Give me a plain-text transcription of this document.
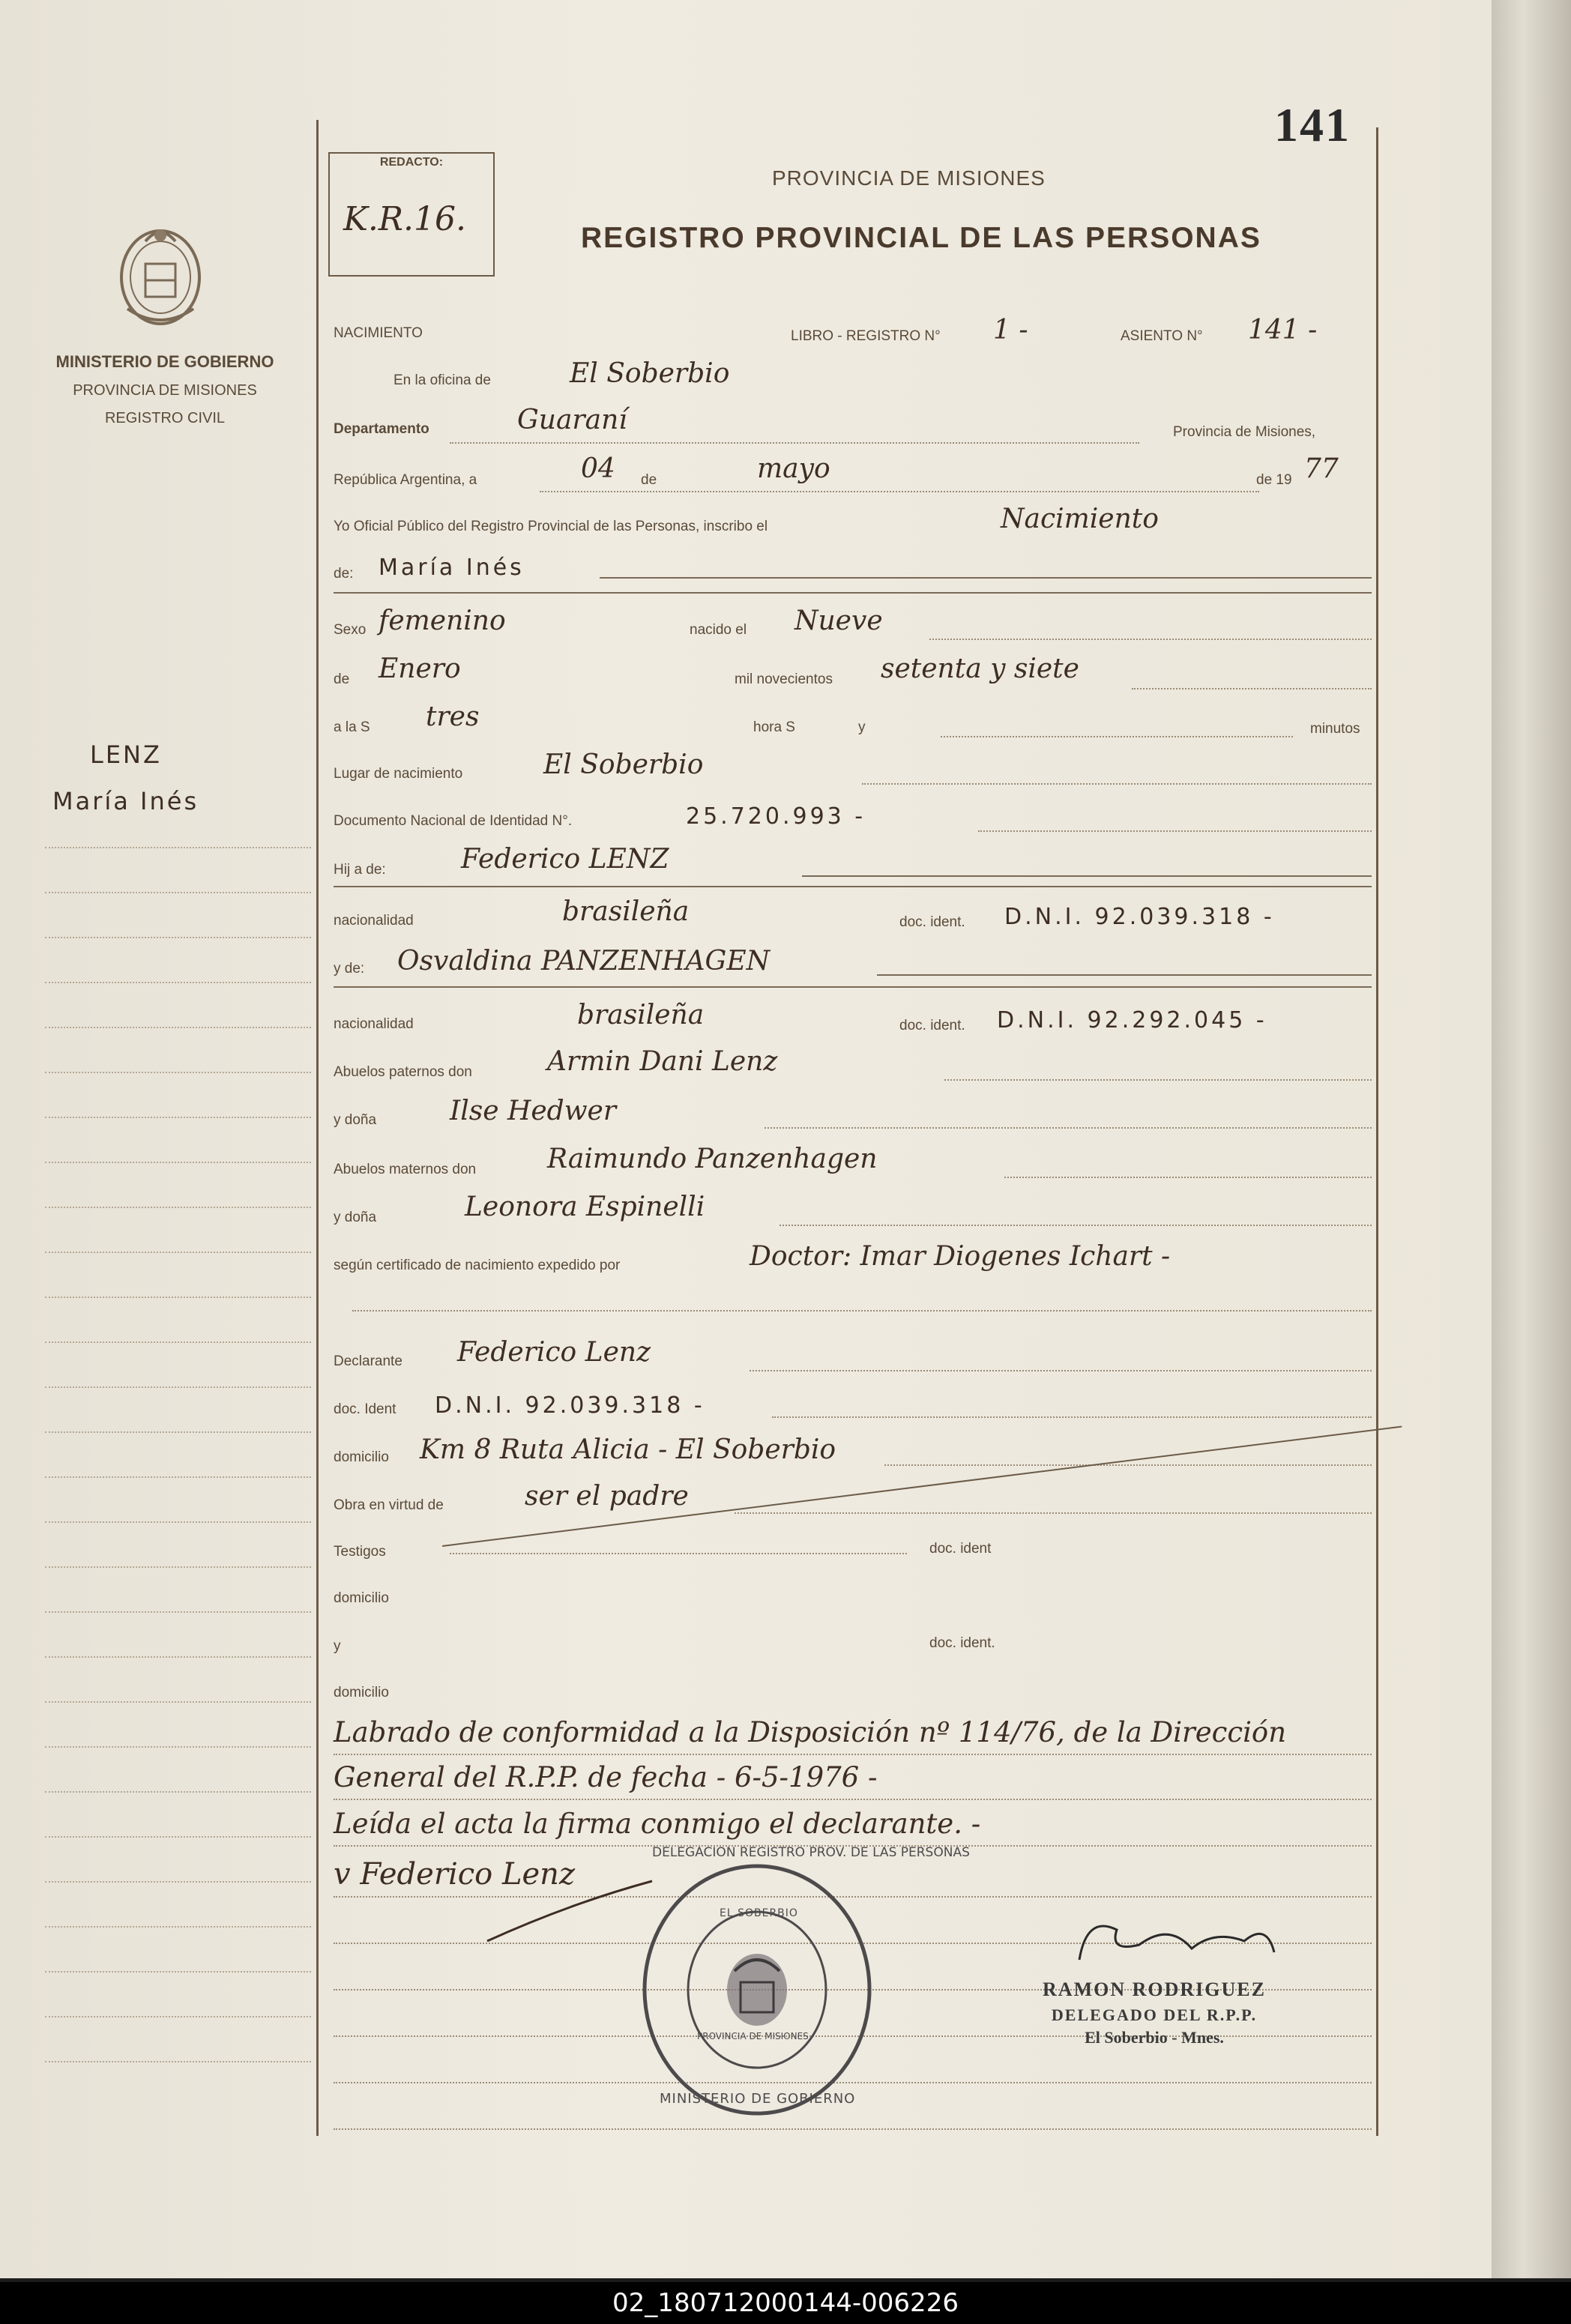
141
REDACTO:
K.R.16.
PROVINCIA DE MISIONES
REGISTRO PROVINCIAL DE LAS PERSONAS
MINISTERIO DE GOBIERNO
PROVINCIA DE MISIONES
REGISTRO CIVIL
LENZ
María Inés
NACIMIENTO	LIBRO - REGISTRO N° 1 -	ASIENTO N° 141 -
En la oficina de	El Soberbio
Departamento	Guaraní	Provincia de Misiones,
República Argentina, a	04 de	mayo	de 19 77
Yo Oficial Público del Registro Provincial de las Personas, inscribo el	Nacimiento
de: María Inés
Sexo femenino	nacido el Nueve
de Enero	mil novecientos setenta y siete
a la S tres	hora S	y	minutos
Lugar de nacimiento	El Soberbio
Documento Nacional de Identidad N°.	25.720.993 -
Hij a de:	Federico LENZ
nacionalidad	brasileña	doc. ident. D.N.I. 92.039.318 -
y de: Osvaldina PANZENHAGEN
nacionalidad	brasileña	doc. ident. D.N.I. 92.292.045 -
Abuelos paternos don	Armin Dani Lenz
y doña	Ilse Hedwer
Abuelos maternos don	Raimundo Panzenhagen
y doña	Leonora Espinelli
según certificado de nacimiento expedido por	Doctor: Imar Diogenes Ichart -
Declarante Federico Lenz
doc. Ident D.N.I. 92.039.318 -
domicilio Km 8 Ruta Alicia - El Soberbio
Obra en virtud de	ser el padre
Testigos	doc. ident
domicilio
y	doc. ident.
domicilio
Labrado de conformidad a la Disposición nº 114/76, de la Dirección
General del R.P.P. de fecha - 6-5-1976 -
Leída el acta la firma conmigo el declarante. -
v Federico Lenz
EL SOBERBIO
MINISTERIO DE GOBIERNO
PROVINCIA DE MISIONES
DELEGACION REGISTRO PROV. DE LAS PERSONAS
RAMON RODRIGUEZ
DELEGADO DEL R.P.P.
El Soberbio - Mnes.
02_180712000144-006226
